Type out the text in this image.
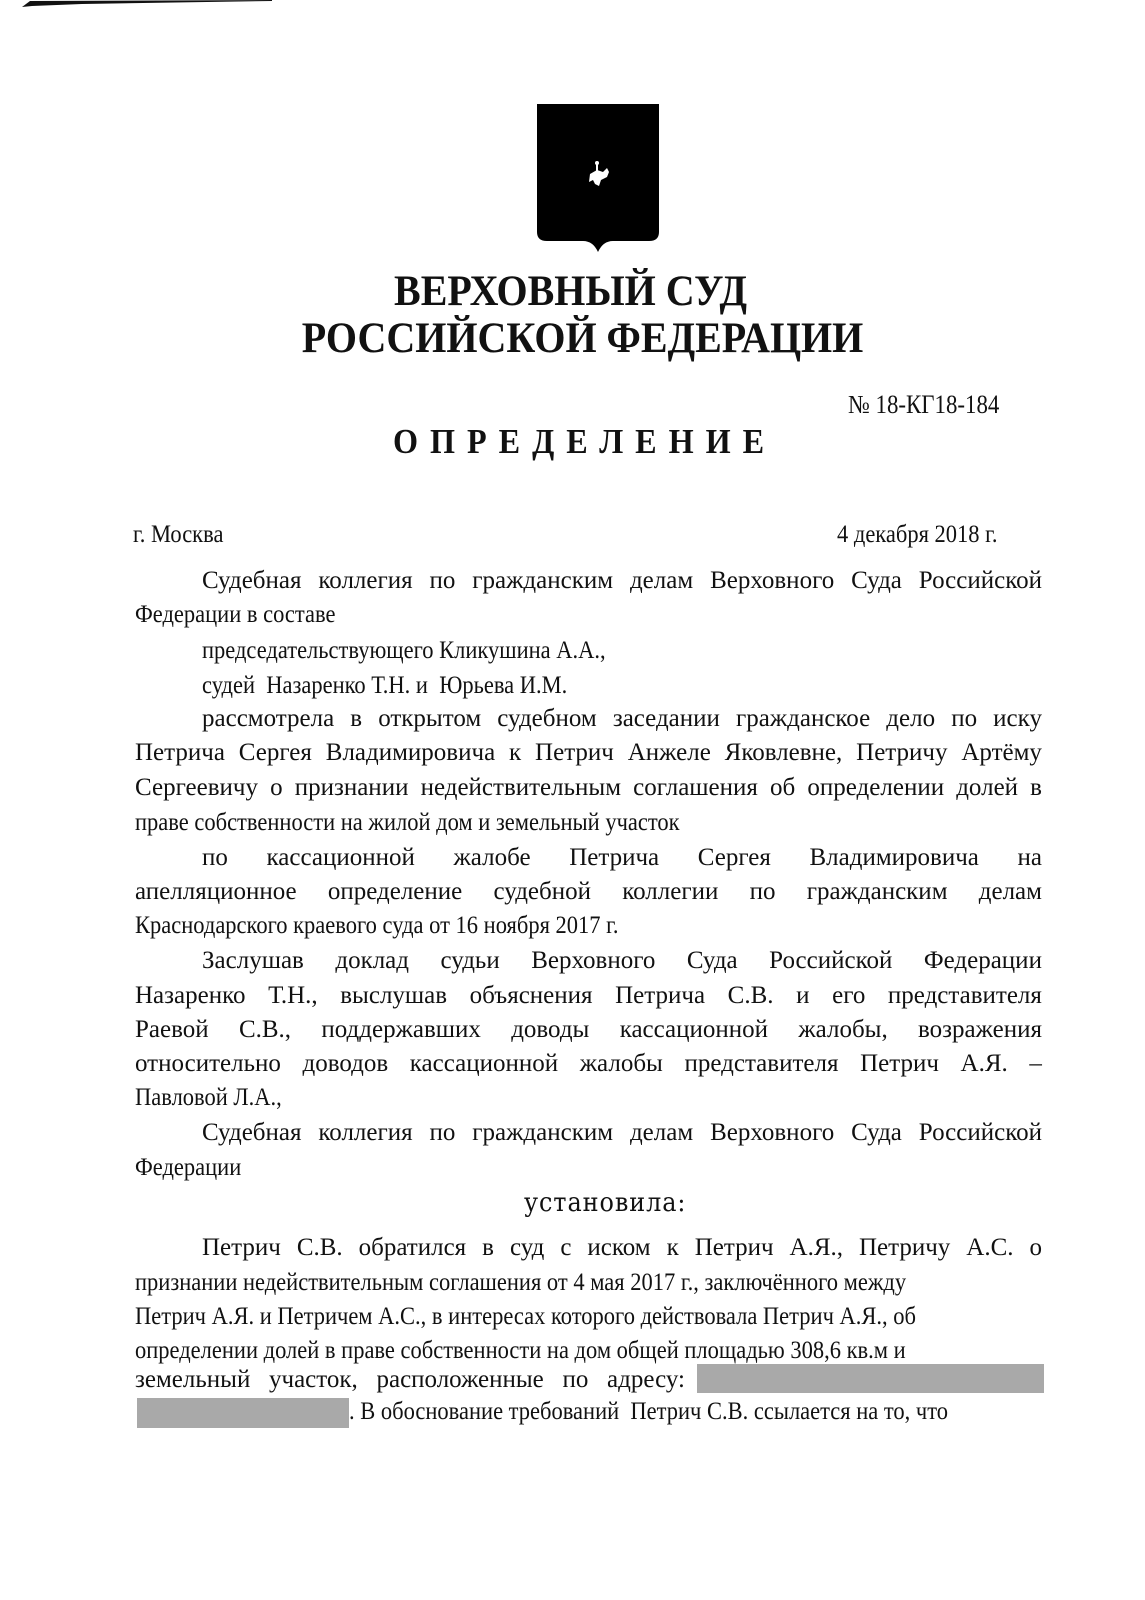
ВЕРХОВНЫЙ СУД
РОССИЙСКОЙ ФЕДЕРАЦИИ
№ 18-КГ18-184
ОПРЕДЕЛЕНИЕ
г. Москва	4 декабря 2018 г.
Судебная коллегия по гражданским делам Верховного Суда Российской
Федерации в составе
председательствующего Кликушина А.А.,
судей  Назаренко Т.Н. и  Юрьева И.М.
рассмотрела в открытом судебном заседании гражданское дело по иску
Петрича Сергея Владимировича к Петрич Анжеле Яковлевне, Петричу Артёму
Сергеевичу о признании недействительным соглашения об определении долей в
праве собственности на жилой дом и земельный участок
по кассационной жалобе Петрича Сергея Владимировича на
апелляционное определение судебной коллегии по гражданским делам
Краснодарского краевого суда от 16 ноября 2017 г.
Заслушав доклад судьи Верховного Суда Российской Федерации
Назаренко Т.Н., выслушав объяснения Петрича С.В. и его представителя
Раевой С.В., поддержавших доводы кассационной жалобы, возражения
относительно доводов кассационной жалобы представителя Петрич А.Я. –
Павловой Л.А.,
Судебная коллегия по гражданским делам Верховного Суда Российской
Федерации
установила:
Петрич С.В. обратился в суд с иском к Петрич А.Я., Петричу А.С. о
признании недействительным соглашения от 4 мая 2017 г., заключённого между
Петрич А.Я. и Петричем А.С., в интересах которого действовала Петрич А.Я., об
определении долей в праве собственности на дом общей площадью 308,6 кв.м и
земельный участок, расположенные по адресу:
. В обоснование требований  Петрич С.В. ссылается на то, что
